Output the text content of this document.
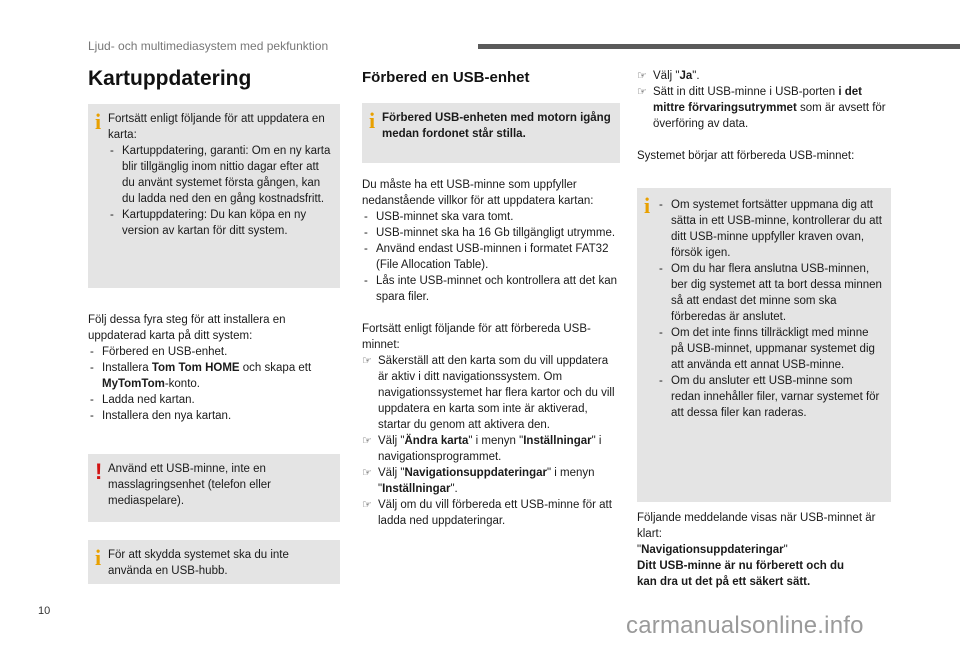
Ljud- och multimediasystem med pekfunktion
Kartuppdatering
i Fortsätt enligt följande för att uppdatera en karta:
- Kartuppdatering, garanti: Om en ny karta blir tillgänglig inom nittio dagar efter att du använt systemet första gången, kan du ladda ned den en gång kostnadsfritt.
- Kartuppdatering: Du kan köpa en ny version av kartan för ditt system.
Följ dessa fyra steg för att installera en uppdaterad karta på ditt system:
- Förbered en USB-enhet.
- Installera Tom Tom HOME och skapa ett MyTomTom-konto.
- Ladda ned kartan.
- Installera den nya kartan.
! Använd ett USB-minne, inte en masslagringsenhet (telefon eller mediaspelare).
i För att skydda systemet ska du inte använda en USB-hubb.
Förbered en USB-enhet
i Förbered USB-enheten med motorn igång medan fordonet står stilla.
Du måste ha ett USB-minne som uppfyller nedanstående villkor för att uppdatera kartan:
- USB-minnet ska vara tomt.
- USB-minnet ska ha 16 Gb tillgängligt utrymme.
- Använd endast USB-minnen i formatet FAT32 (File Allocation Table).
- Lås inte USB-minnet och kontrollera att det kan spara filer.
Fortsätt enligt följande för att förbereda USB-minnet:
☞ Säkerställ att den karta som du vill uppdatera är aktiv i ditt navigationssystem. Om navigationssystemet har flera kartor och du vill uppdatera en karta som inte är aktiverad, startar du genom att aktivera den.
☞ Välj "Ändra karta" i menyn "Inställningar" i navigationsprogrammet.
☞ Välj "Navigationsuppdateringar" i menyn "Inställningar".
☞ Välj om du vill förbereda ett USB-minne för att ladda ned uppdateringar.
☞ Välj "Ja".
☞ Sätt in ditt USB-minne i USB-porten i det mittre förvaringsutrymmet som är avsett för överföring av data.
Systemet börjar att förbereda USB-minnet:
i
-	Om systemet fortsätter uppmana dig att sätta in ett USB-minne, kontrollerar du att ditt USB-minne uppfyller kraven ovan, försök igen.
- Om du har flera anslutna USB-minnen, ber dig systemet att ta bort dessa minnen så att endast det minne som ska förberedas är anslutet.
- Om det inte finns tillräckligt med minne på USB-minnet, uppmanar systemet dig att använda ett annat USB-minne.
- Om du ansluter ett USB-minne som redan innehåller filer, varnar systemet för att dessa filer kan raderas.
Följande meddelande visas när USB-minnet är klart:
"Navigationsuppdateringar"
Ditt USB-minne är nu förberett och du kan dra ut det på ett säkert sätt.
10
carmanualsonline.info
